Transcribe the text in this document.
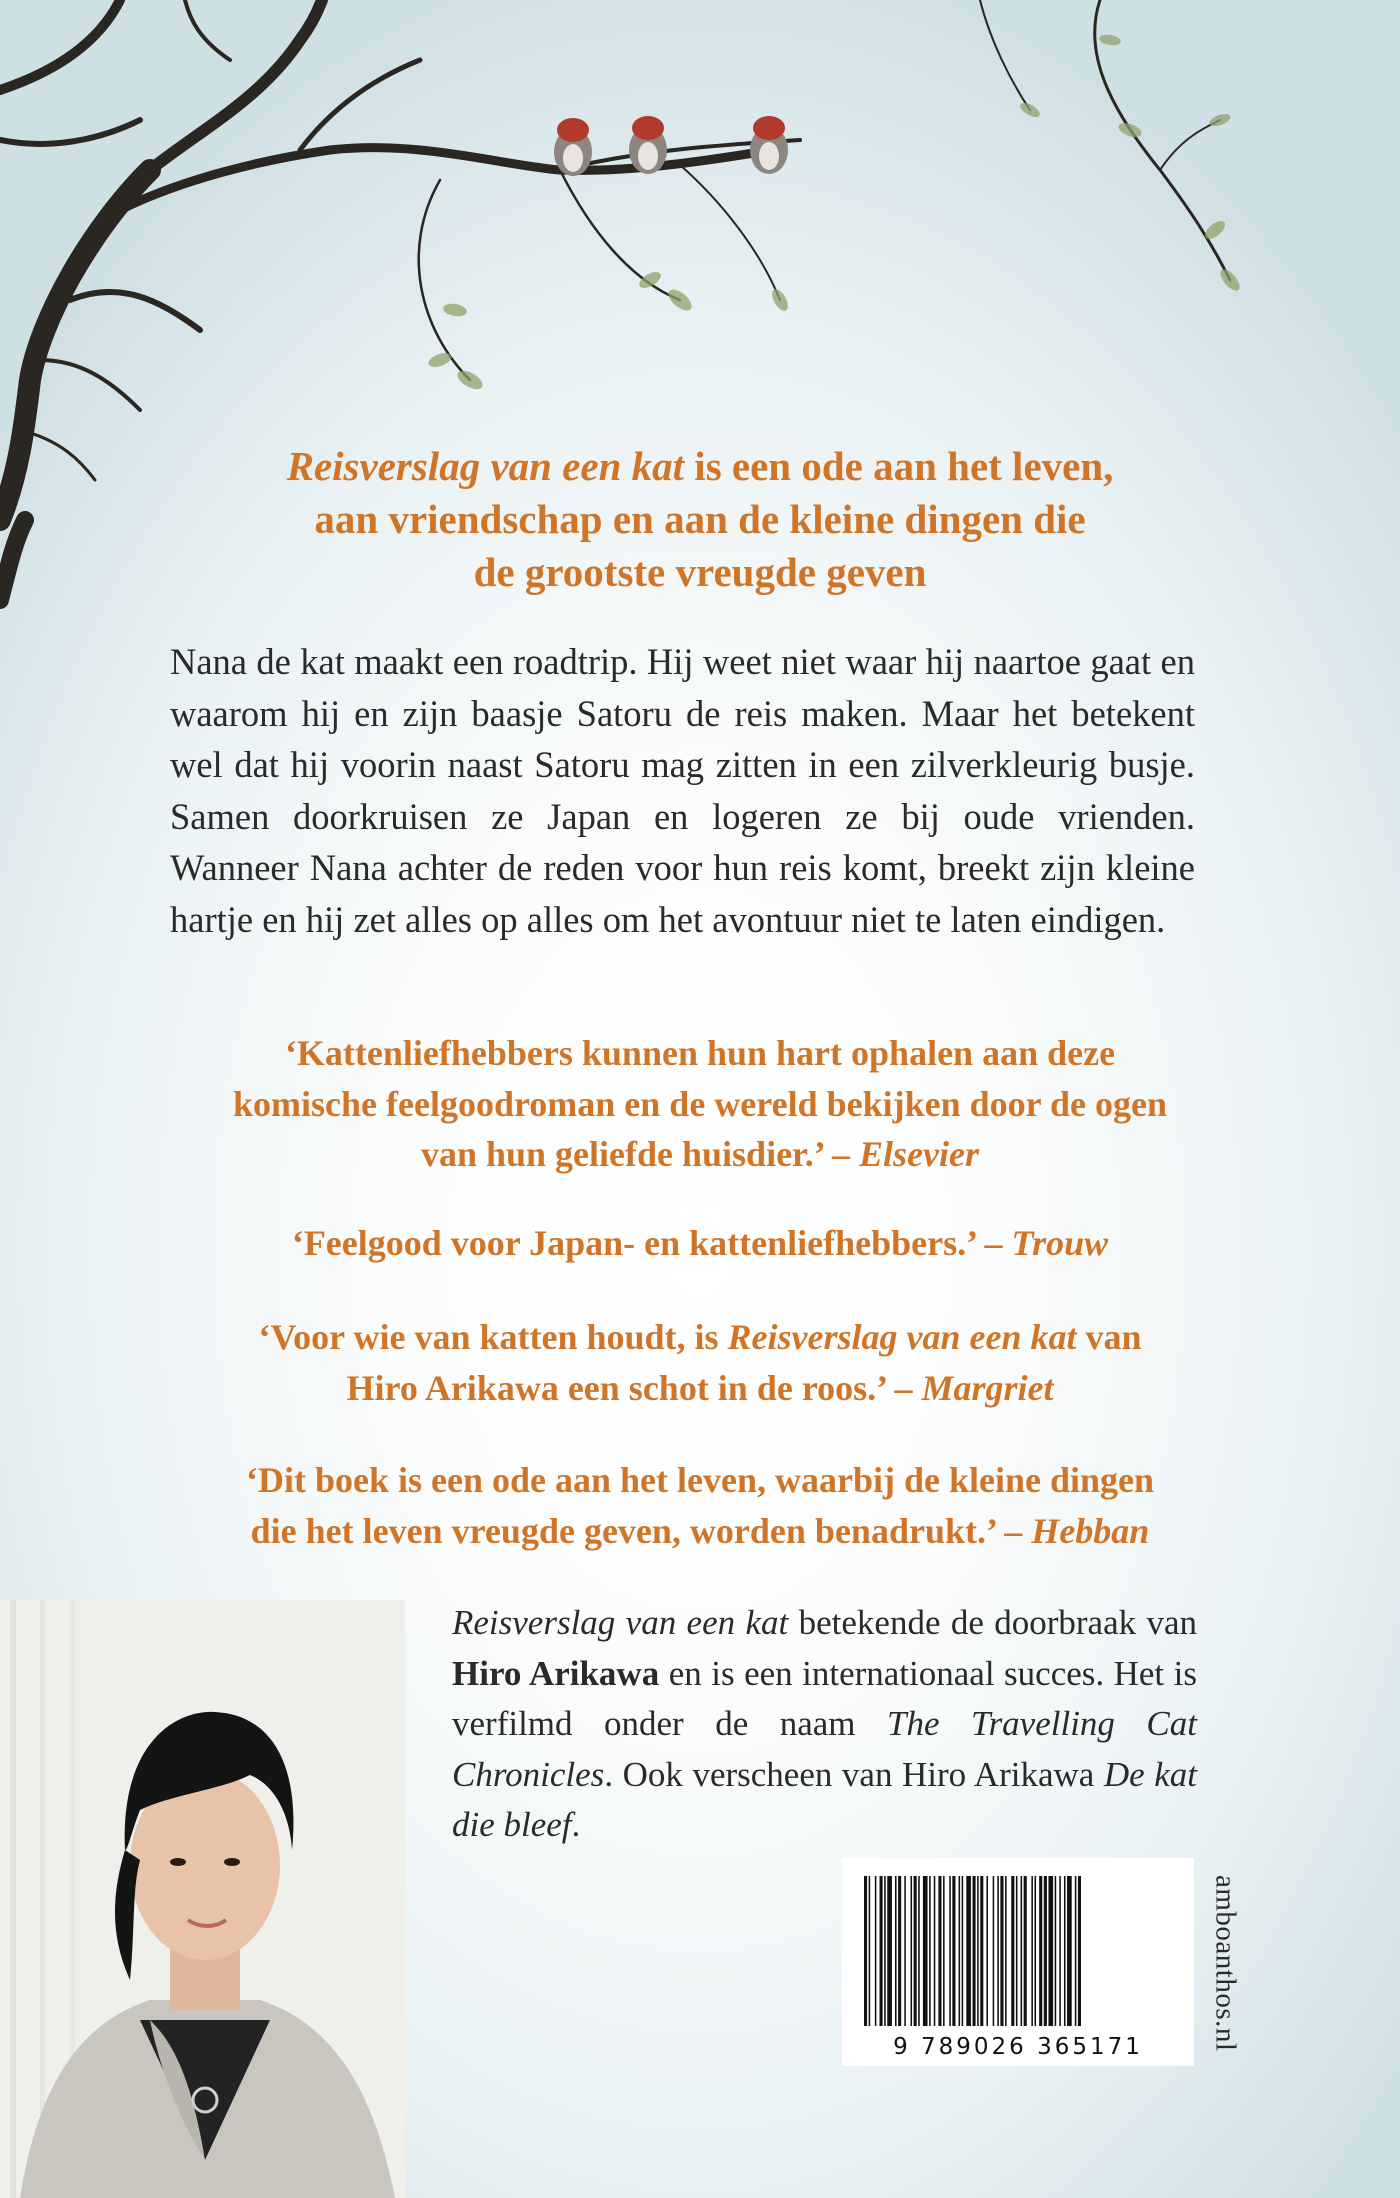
Reisverslag van een kat is een ode aan het leven,
aan vriendschap en aan de kleine dingen die
de grootste vreugde geven
Nana de kat maakt een roadtrip. Hij weet niet waar hij naartoe gaat en waarom hij en zijn baasje Satoru de reis maken. Maar het betekent wel dat hij voorin naast Satoru mag zitten in een zilverkleurig busje. Samen doorkruisen ze Japan en logeren ze bij oude vrienden. Wanneer Nana achter de reden voor hun reis komt, breekt zijn kleine hartje en hij zet alles op alles om het avontuur niet te laten eindigen.
‘Kattenliefhebbers kunnen hun hart ophalen aan deze
komische feelgoodroman en de wereld bekijken door de ogen
van hun geliefde huisdier.’ – Elsevier
‘Feelgood voor Japan- en kattenliefhebbers.’ – Trouw
‘Voor wie van katten houdt, is Reisverslag van een kat van
Hiro Arikawa een schot in de roos.’ – Margriet
‘Dit boek is een ode aan het leven, waarbij de kleine dingen
die het leven vreugde geven, worden benadrukt.’ – Hebban
Reisverslag van een kat betekende de doorbraak van Hiro Arikawa en is een internationaal succes. Het is verfilmd onder de naam The Travelling Cat Chronicles. Ook verscheen van Hiro Arikawa De kat die bleef.
9 789026 365171	amboanthos.nl
